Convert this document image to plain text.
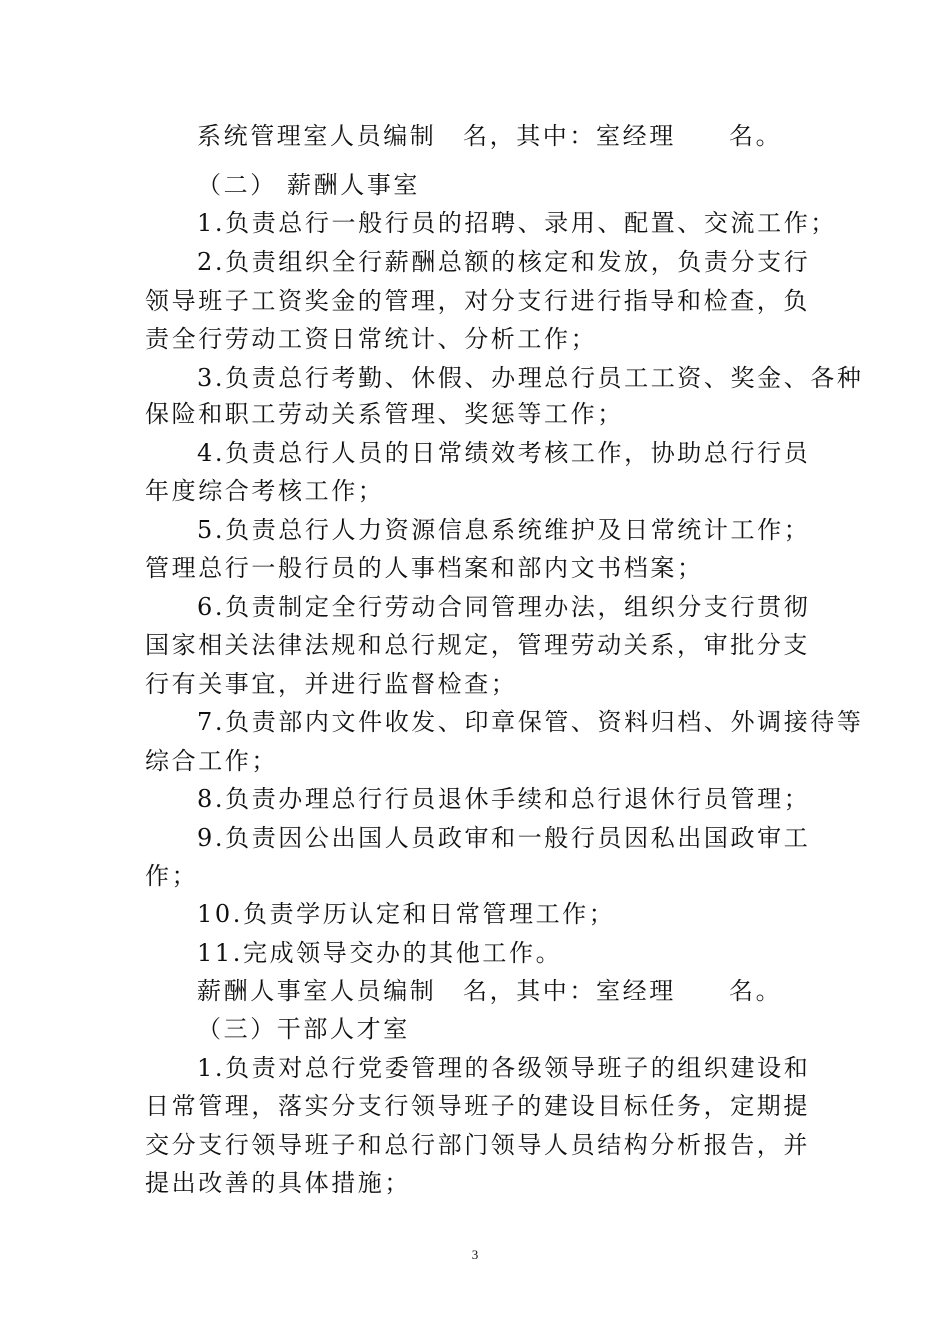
系统管理室人员编制　名，其中：室经理　　名。
（二） 薪酬人事室
1.负责总行一般行员的招聘、录用、配置、交流工作；
2.负责组织全行薪酬总额的核定和发放，负责分支行
领导班子工资奖金的管理，对分支行进行指导和检查，负
责全行劳动工资日常统计、分析工作；
3.负责总行考勤、休假、办理总行员工工资、奖金、各种
保险和职工劳动关系管理、奖惩等工作；
4.负责总行人员的日常绩效考核工作，协助总行行员
年度综合考核工作；
5.负责总行人力资源信息系统维护及日常统计工作；
管理总行一般行员的人事档案和部内文书档案；
6.负责制定全行劳动合同管理办法，组织分支行贯彻
国家相关法律法规和总行规定，管理劳动关系，审批分支
行有关事宜，并进行监督检查；
7.负责部内文件收发、印章保管、资料归档、外调接待等
综合工作；
8.负责办理总行行员退休手续和总行退休行员管理；
9.负责因公出国人员政审和一般行员因私出国政审工
作；
10.负责学历认定和日常管理工作；
11.完成领导交办的其他工作。
薪酬人事室人员编制　名，其中：室经理　　名。
（三）干部人才室
1.负责对总行党委管理的各级领导班子的组织建设和
日常管理，落实分支行领导班子的建设目标任务，定期提
交分支行领导班子和总行部门领导人员结构分析报告，并
提出改善的具体措施；
3
